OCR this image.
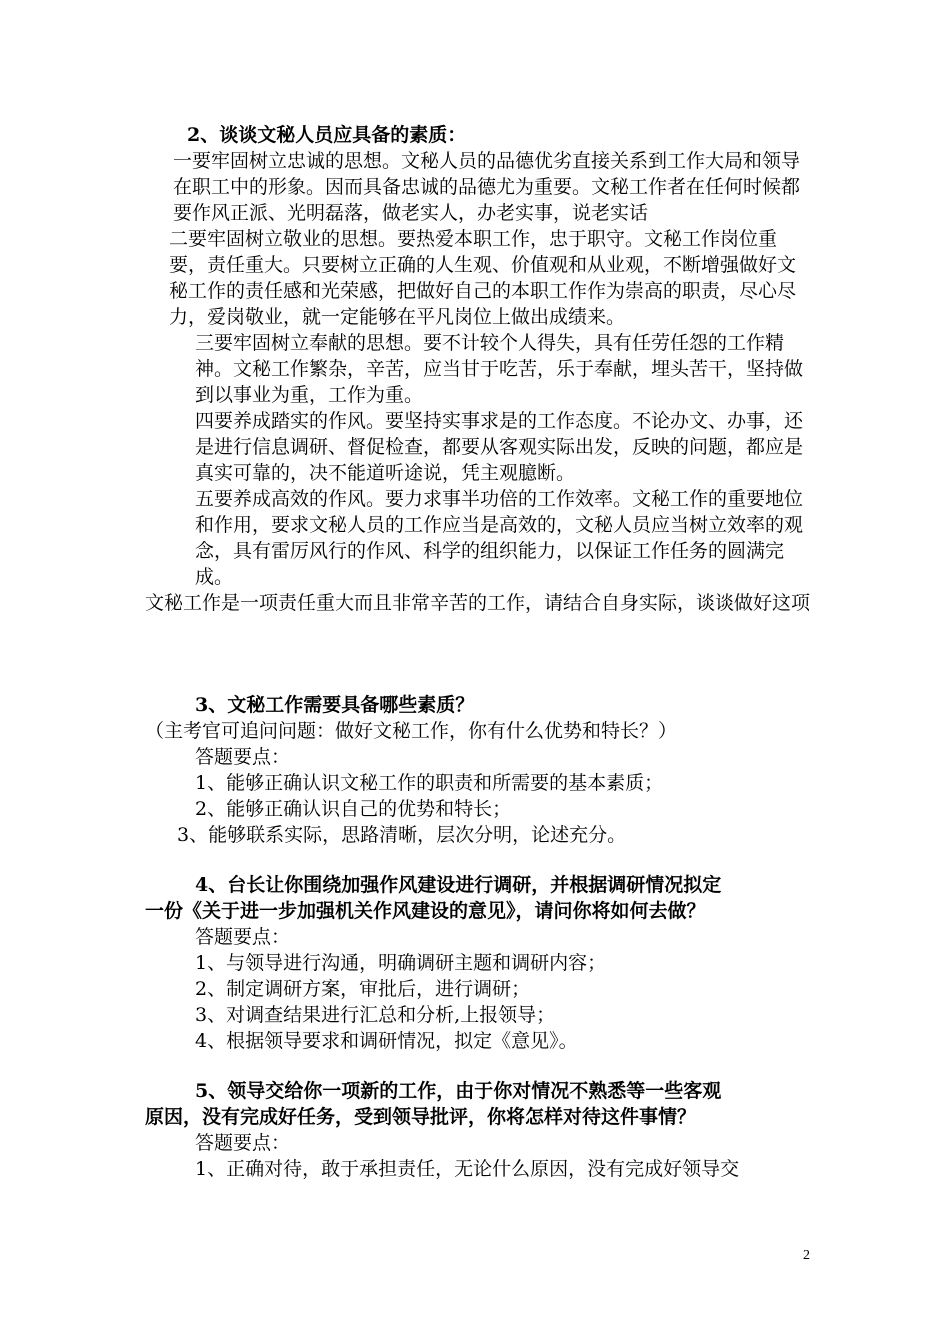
2、谈谈文秘人员应具备的素质：

一要牢固树立忠诚的思想。文秘人员的品德优劣直接关系到工作大局和领导在职工中的形象。因而具备忠诚的品德尤为重要。文秘工作者在任何时候都要作风正派、光明磊落，做老实人，办老实事，说老实话

二要牢固树立敬业的思想。要热爱本职工作，忠于职守。文秘工作岗位重要，责任重大。只要树立正确的人生观、价值观和从业观，不断增强做好文秘工作的责任感和光荣感，把做好自己的本职工作作为崇高的职责，尽心尽力，爱岗敬业，就一定能够在平凡岗位上做出成绩来。

三要牢固树立奉献的思想。要不计较个人得失，具有任劳任怨的工作精神。文秘工作繁杂，辛苦，应当甘于吃苦，乐于奉献，埋头苦干，坚持做到以事业为重，工作为重。

四要养成踏实的作风。要坚持实事求是的工作态度。不论办文、办事，还是进行信息调研、督促检查，都要从客观实际出发，反映的问题，都应是真实可靠的，决不能道听途说，凭主观臆断。

五要养成高效的作风。要力求事半功倍的工作效率。文秘工作的重要地位和作用，要求文秘人员的工作应当是高效的，文秘人员应当树立效率的观念，具有雷厉风行的作风、科学的组织能力，以保证工作任务的圆满完成。

文秘工作是一项责任重大而且非常辛苦的工作，请结合自身实际，谈谈做好这项

3、文秘工作需要具备哪些素质？

（主考官可追问问题：做好文秘工作，你有什么优势和特长？）

答题要点：

1、能够正确认识文秘工作的职责和所需要的基本素质；

2、能够正确认识自己的优势和特长；

3、能够联系实际，思路清晰，层次分明，论述充分。

4、台长让你围绕加强作风建设进行调研，并根据调研情况拟定

一份《关于进一步加强机关作风建设的意见》，请问你将如何去做？

答题要点：

1、与领导进行沟通，明确调研主题和调研内容；

2、制定调研方案，审批后，进行调研；

3、对调查结果进行汇总和分析,上报领导；

4、根据领导要求和调研情况，拟定《意见》。

5、领导交给你一项新的工作，由于你对情况不熟悉等一些客观

原因，没有完成好任务，受到领导批评，你将怎样对待这件事情？

答题要点：

1、正确对待，敢于承担责任，无论什么原因，没有完成好领导交

2
